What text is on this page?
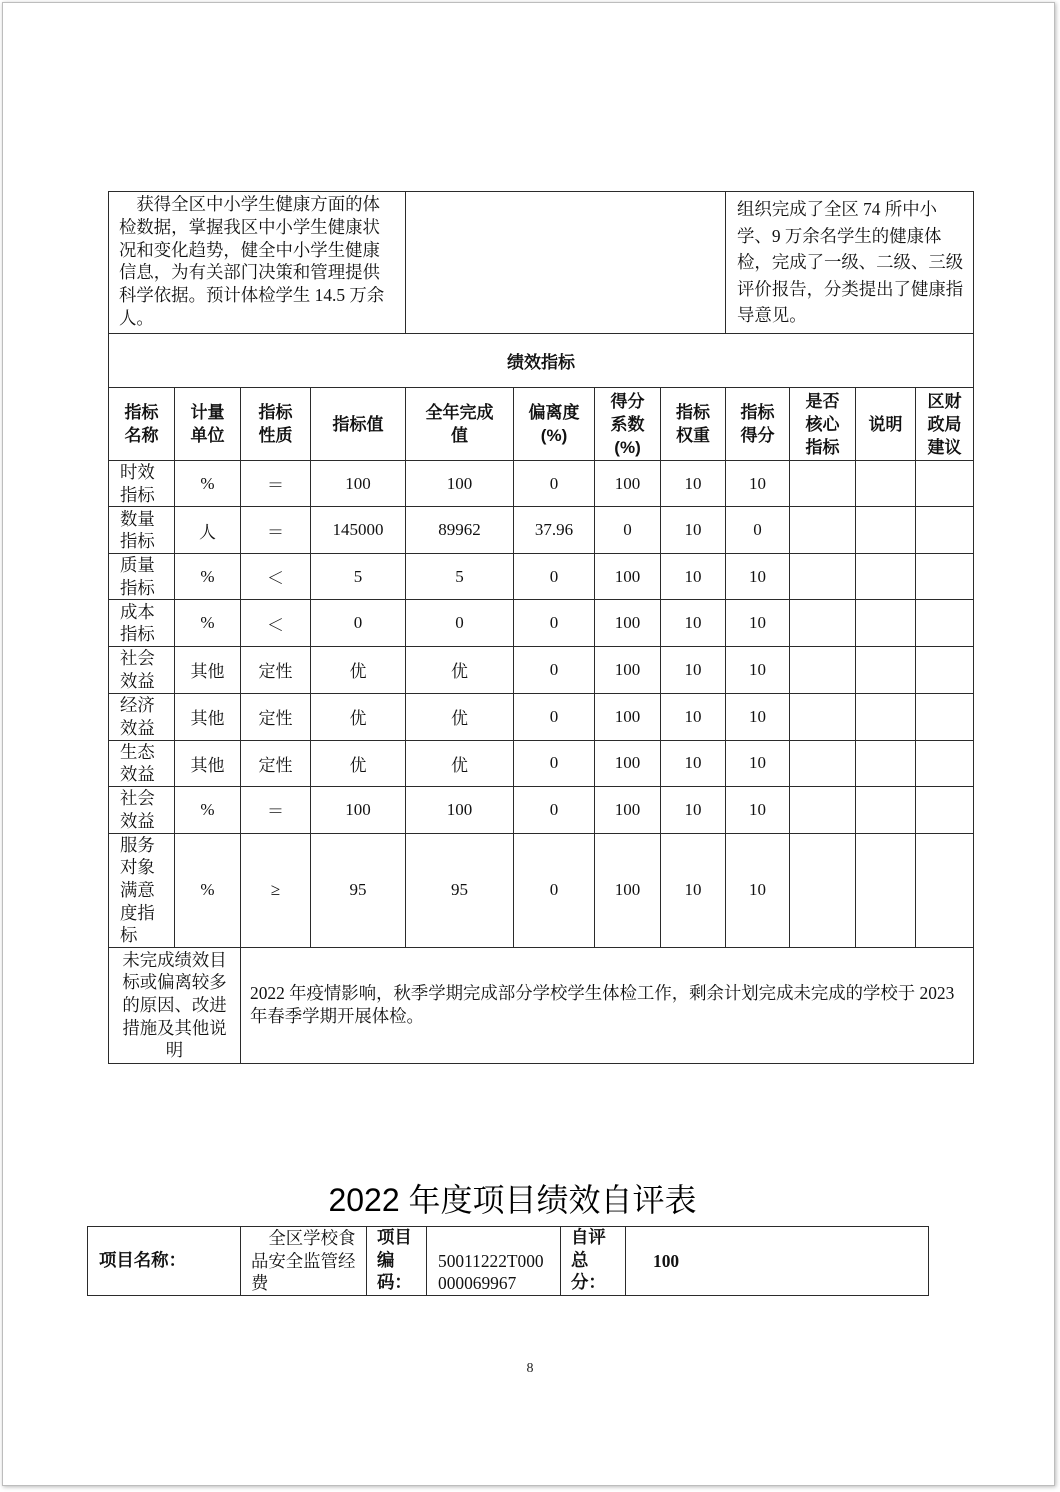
获得全区中小学生健康方面的体检数据，掌握我区中小学生健康状况和变化趋势，健全中小学生健康信息，为有关部门决策和管理提供科学依据。预计体检学生 14.5 万余人。								组织完成了全区 74 所中小学、9 万余名学生的健康体检，完成了一级、二级、三级评价报告，分类提出了健康指导意见。			

绩效指标											
指标名称	计量单位	指标性质	指标值	全年完成值	偏离度(%)	得分系数(%)	指标权重	指标得分	是否核心指标	说明	区财政局建议

时效指标	%	＝	100	100	0	100	10	10			

数量指标	人	＝	145000	89962	37.96	0	10	0			

质量指标	%	＜	5	5	0	100	10	10			

成本指标	%	＜	0	0	0	100	10	10			

社会效益	其他	定性	优	优	0	100	10	10			

经济效益	其他	定性	优	优	0	100	10	10			

生态效益	其他	定性	优	优	0	100	10	10			

社会效益	%	＝	100	100	0	100	10	10			

服务对象满意度指标	%	≥	95	95	0	100	10	10			
未完成绩效目标或偏离较多的原因、改进措施及其他说明		2022 年疫情影响，秋季学期完成部分学校学生体检工作，剩余计划完成未完成的学校于 2023 年春季学期开展体检。									
2022 年度项目绩效自评表
项目名称：	
全区学校食品安全监管经费

项目编码：

50011222T000000069967

自评总分：
	100
8
